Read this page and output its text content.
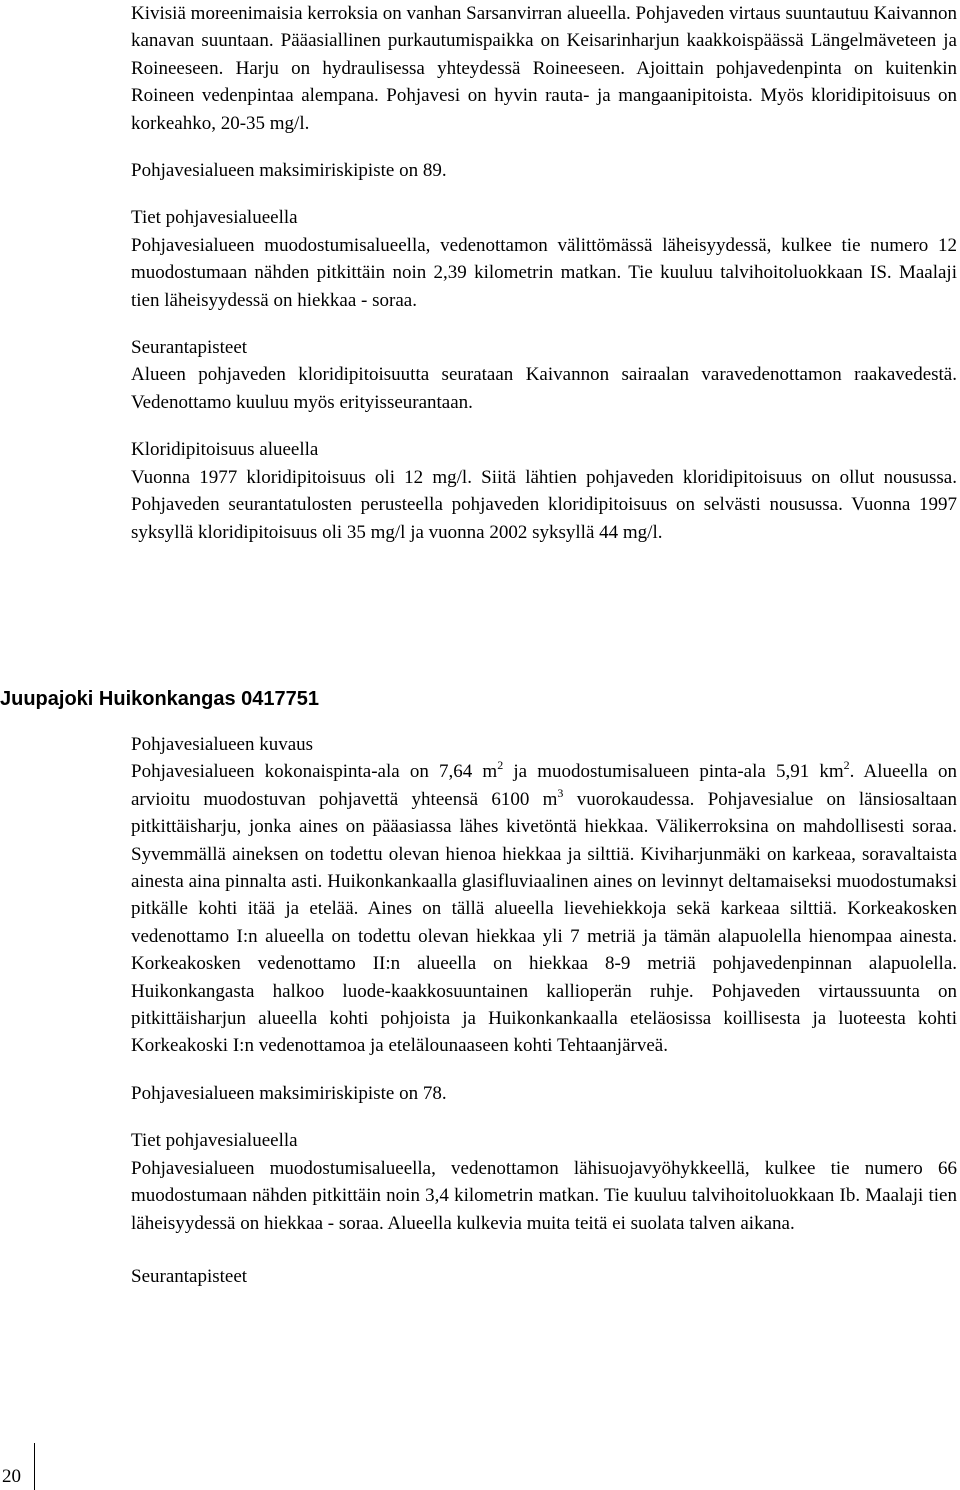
Kivisiä moreenimaisia kerroksia on vanhan Sarsanvirran alueella. Pohjaveden virtaus suuntautuu Kaivannon kanavan suuntaan. Pääasiallinen purkautumispaikka on Keisarinharjun kaakkoispäässä Längelmäveteen ja Roineeseen. Harju on hydraulisessa yhteydessä Roineeseen. Ajoittain pohjavedenpinta on kuitenkin Roineen vedenpintaa alempana. Pohjavesi on hyvin rauta- ja mangaanipitoista. Myös kloridipitoisuus on korkeahko, 20-35 mg/l.

Pohjavesialueen maksimiriskipiste on 89.

Tiet pohjavesialueella

Pohjavesialueen muodostumisalueella, vedenottamon välittömässä läheisyydessä, kulkee tie numero 12 muodostumaan nähden pitkittäin noin 2,39 kilometrin matkan. Tie kuuluu talvihoitoluokkaan IS. Maalaji tien läheisyydessä on hiekkaa - soraa.

Seurantapisteet

Alueen pohjaveden kloridipitoisuutta seurataan Kaivannon sairaalan varavedenottamon raakavedestä. Vedenottamo kuuluu myös erityisseurantaan.

Kloridipitoisuus alueella

Vuonna 1977 kloridipitoisuus oli 12 mg/l. Siitä lähtien pohjaveden kloridipitoisuus on ollut nousussa. Pohjaveden seurantatulosten perusteella pohjaveden kloridipitoisuus on selvästi nousussa. Vuonna 1997 syksyllä kloridipitoisuus oli 35 mg/l ja vuonna 2002 syksyllä 44 mg/l.

Juupajoki Huikonkangas 0417751

Pohjavesialueen kuvaus

Pohjavesialueen kokonaispinta-ala on 7,64 $m^2$ ja muodostumisalueen pinta-ala 5,91 $km^2$. Alueella on arvioitu muodostuvan pohjavettä yhteensä 6100 $m^3$ vuorokaudessa. Pohjavesialue on länsiosaltaan pitkittäisharju, jonka aines on pääasiassa lähes kivetöntä hiekkaa. Välikerroksina on mahdollisesti soraa. Syvemmällä aineksen on todettu olevan hienoa hiekkaa ja silttiä. Kiviharjunmäki on karkeaa, soravaltaista ainesta aina pinnalta asti. Huikonkankaalla glasifluviaalinen aines on levinnyt deltamaiseksi muodostumaksi pitkälle kohti itää ja etelää. Aines on tällä alueella lievehiekkoja sekä karkeaa silttiä. Korkeakosken vedenottamo I:n alueella on todettu olevan hiekkaa yli 7 metriä ja tämän alapuolella hienompaa ainesta. Korkeakosken vedenottamo II:n alueella on hiekkaa 8-9 metriä pohjavedenpinnan alapuolella. Huikonkangasta halkoo luode-kaakkosuuntainen kallioperän ruhje. Pohjaveden virtaussuunta on pitkittäisharjun alueella kohti pohjoista ja Huikonkankaalla eteläosissa koillisesta ja luoteesta kohti Korkeakoski I:n vedenottamoa ja etelälounaaseen kohti Tehtaanjärveä.

Pohjavesialueen maksimiriskipiste on 78.

Tiet pohjavesialueella

Pohjavesialueen muodostumisalueella, vedenottamon lähisuojavyöhykkeellä, kulkee tie numero 66 muodostumaan nähden pitkittäin noin 3,4 kilometrin matkan. Tie kuuluu talvihoitoluokkaan Ib. Maalaji tien läheisyydessä on hiekkaa - soraa. Alueella kulkevia muita teitä ei suolata talven aikana.

Seurantapisteet

20
